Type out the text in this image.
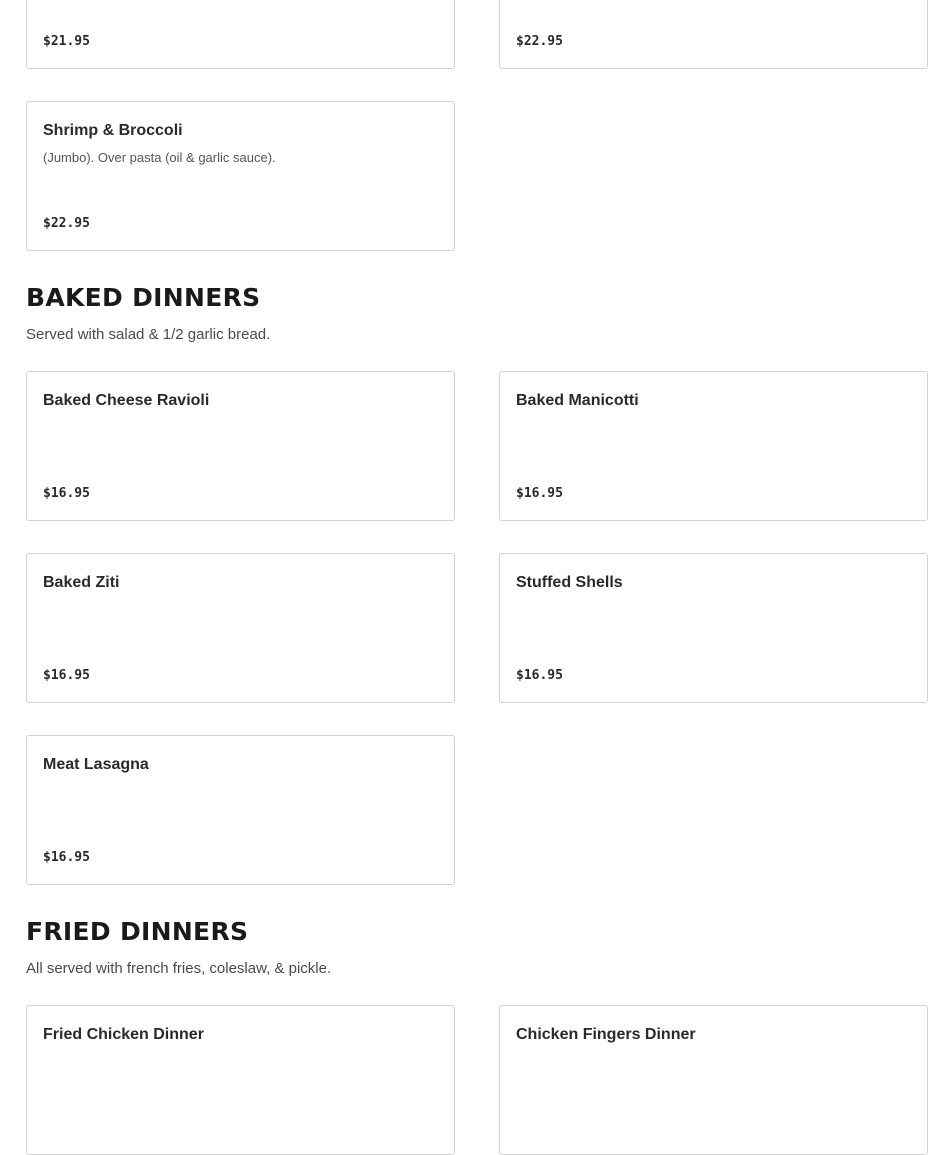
$21.95	$22.95
Shrimp & Broccoli
(Jumbo). Over pasta (oil & garlic sauce).
$22.95
BAKED DINNERS

Served with salad & 1/2 garlic bread.

Baked Cheese Ravioli
$16.95
Baked Manicotti
$16.95
Baked Ziti
$16.95
Stuffed Shells
$16.95
Meat Lasagna
$16.95
FRIED DINNERS

All served with french fries, coleslaw, & pickle.

Fried Chicken Dinner	Chicken Fingers Dinner
